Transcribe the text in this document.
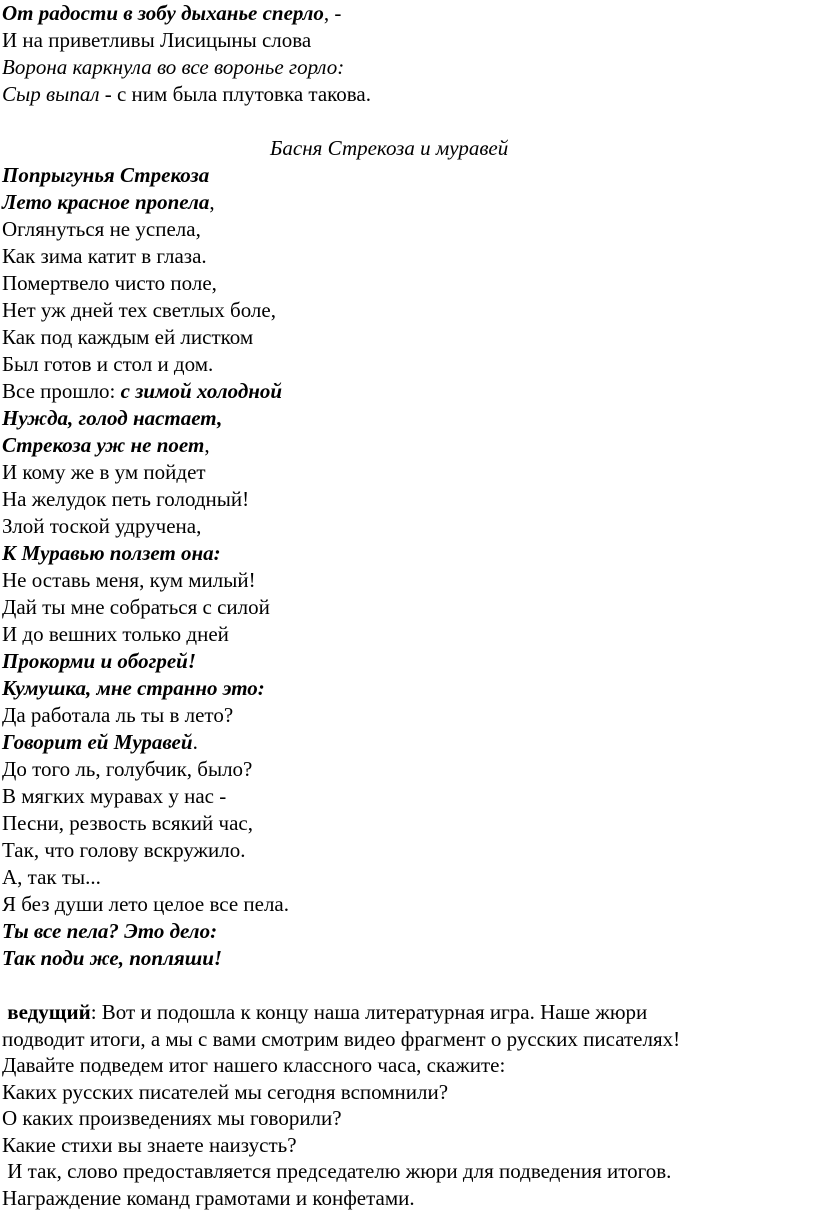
От радости в зобу дыханье сперло, -
И на приветливы Лисицыны слова
Ворона каркнула во все воронье горло:
Сыр выпал - с ним была плутовка такова.
Басня Стрекоза и муравей
Попрыгунья Стрекоза
Лето красное пропела,
Оглянуться не успела,
Как зима катит в глаза.
Помертвело чисто поле,
Нет уж дней тех светлых боле,
Как под каждым ей листком
Был готов и стол и дом.
Все прошло: с зимой холодной
Нужда, голод настает,
Стрекоза уж не поет,
И кому же в ум пойдет
На желудок петь голодный!
Злой тоской удручена,
К Муравью ползет она:
Не оставь меня, кум милый!
Дай ты мне собраться с силой
И до вешних только дней
Прокорми и обогрей!
Кумушка, мне странно это:
Да работала ль ты в лето?
Говорит ей Муравей.
До того ль, голубчик, было?
В мягких муравах у нас -
Песни, резвость всякий час,
Так, что голову вскружило.
А, так ты...
Я без души лето целое все пела.
Ты все пела? Это дело:
Так поди же, попляши!
ведущий: Вот и подошла к концу наша литературная игра. Наше жюри
подводит итоги, а мы с вами смотрим видео фрагмент о русских писателях!
Давайте подведем итог нашего классного часа, скажите:
Каких русских писателей мы сегодня вспомнили?
О каких произведениях мы говорили?
Какие стихи вы знаете наизусть?
И так, слово предоставляется председателю жюри для подведения итогов.
Награждение команд грамотами и конфетами.
